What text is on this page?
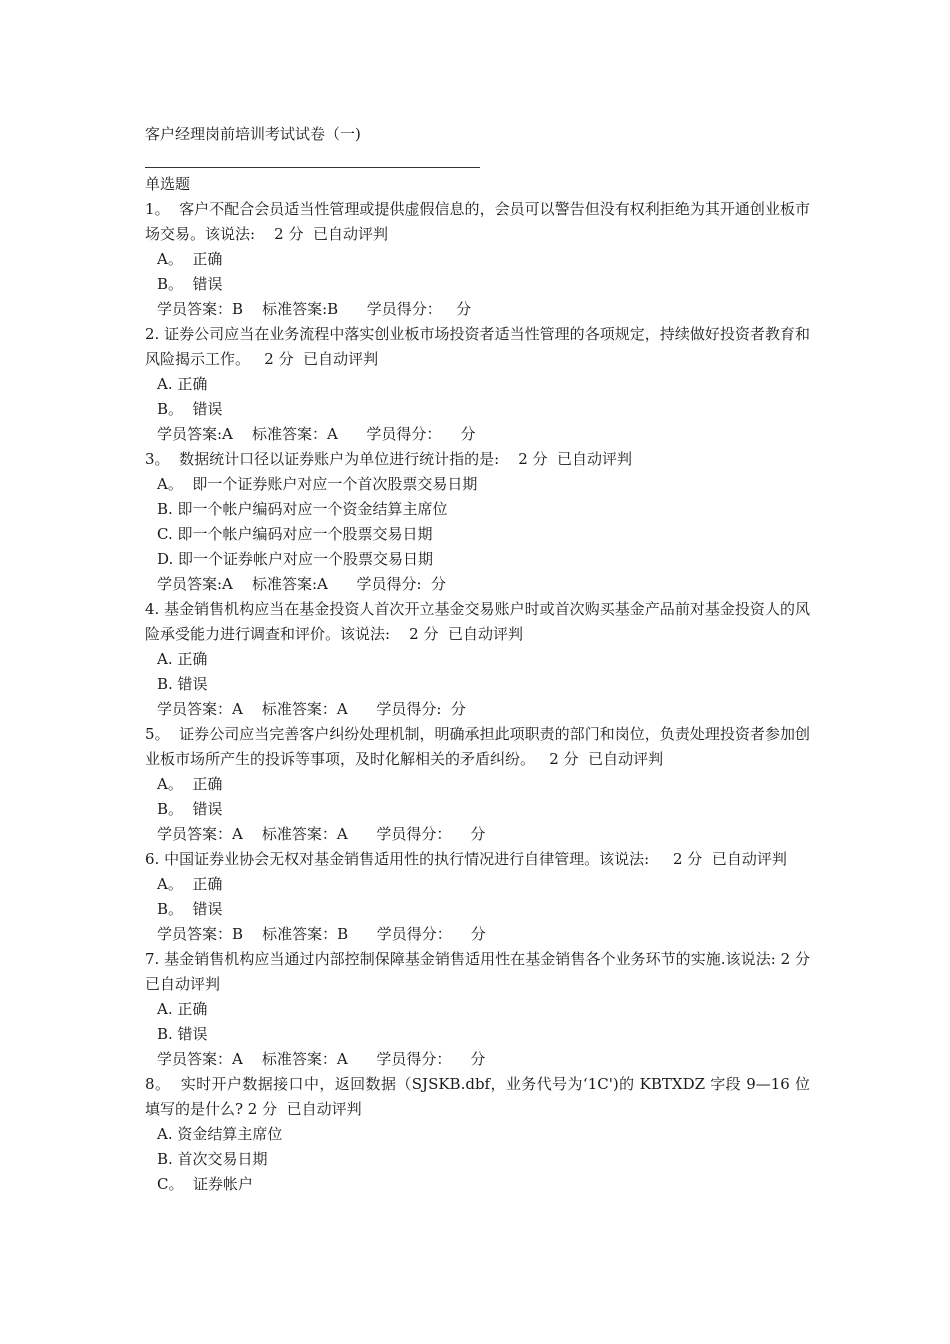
客户经理岗前培训考试试卷（一)
单选题
1。  客户不配合会员适当性管理或提供虚假信息的，会员可以警告但没有权利拒绝为其开通创业板市场交易。该说法:    2 分  已自动评判
A。  正确
B。  错误
学员答案：B    标准答案:B      学员得分：   分
2. 证券公司应当在业务流程中落实创业板市场投资者适当性管理的各项规定，持续做好投资者教育和风险揭示工作。   2 分  已自动评判
A. 正确
B。  错误
学员答案:A    标准答案：A      学员得分：    分
3。  数据统计口径以证券账户为单位进行统计指的是:    2 分  已自动评判
A。  即一个证券账户对应一个首次股票交易日期
B. 即一个帐户编码对应一个资金结算主席位
C. 即一个帐户编码对应一个股票交易日期
D. 即一个证券帐户对应一个股票交易日期
学员答案:A    标准答案:A      学员得分:  分
4. 基金销售机构应当在基金投资人首次开立基金交易账户时或首次购买基金产品前对基金投资人的风险承受能力进行调查和评价。该说法:    2 分  已自动评判
A. 正确
B. 错误
学员答案：A    标准答案：A      学员得分:  分
5。  证券公司应当完善客户纠纷处理机制，明确承担此项职责的部门和岗位，负责处理投资者参加创业板市场所产生的投诉等事项，及时化解相关的矛盾纠纷。   2 分  已自动评判
A。  正确
B。  错误
学员答案：A    标准答案：A      学员得分：    分
6. 中国证券业协会无权对基金销售适用性的执行情况进行自律管理。该说法:     2 分  已自动评判
A。  正确
B。  错误
学员答案：B    标准答案：B      学员得分：    分
7. 基金销售机构应当通过内部控制保障基金销售适用性在基金销售各个业务环节的实施.该说法: 2 分  已自动评判
A. 正确
B. 错误
学员答案：A    标准答案：A      学员得分：    分
8。  实时开户数据接口中，返回数据（SJSKB.dbf，业务代号为‘1C')的 KBTXDZ 字段 9—16 位填写的是什么? 2 分  已自动评判
A. 资金结算主席位
B. 首次交易日期
C。  证券帐户
